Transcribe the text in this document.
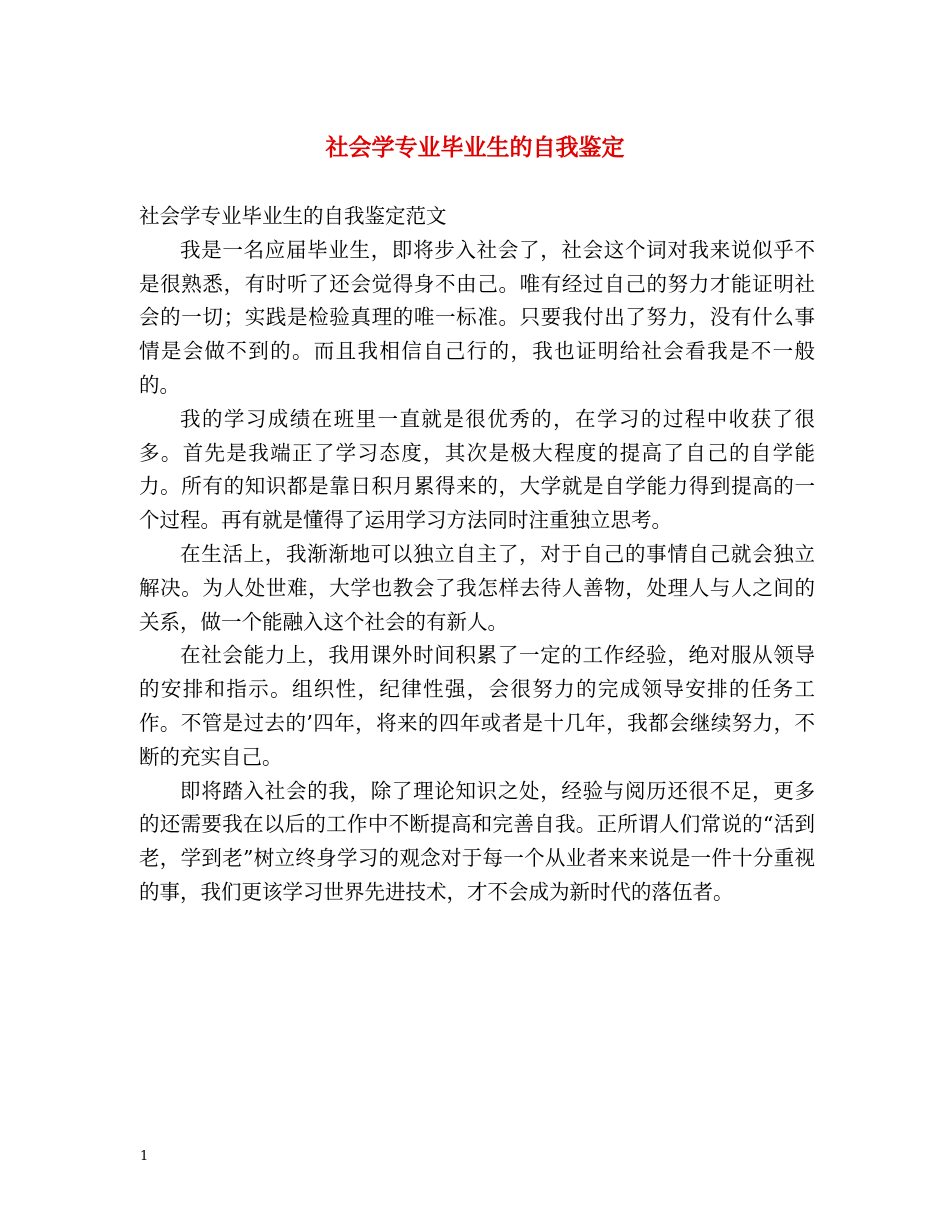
社会学专业毕业生的自我鉴定

社会学专业毕业生的自我鉴定范文

我是一名应届毕业生，即将步入社会了，社会这个词对我来说似乎不是很熟悉，有时听了还会觉得身不由己。唯有经过自己的努力才能证明社会的一切；实践是检验真理的唯一标准。只要我付出了努力，没有什么事情是会做不到的。而且我相信自己行的，我也证明给社会看我是不一般的。

我的学习成绩在班里一直就是很优秀的，在学习的过程中收获了很多。首先是我端正了学习态度，其次是极大程度的提高了自己的自学能力。所有的知识都是靠日积月累得来的，大学就是自学能力得到提高的一个过程。再有就是懂得了运用学习方法同时注重独立思考。

在生活上，我渐渐地可以独立自主了，对于自己的事情自己就会独立解决。为人处世难，大学也教会了我怎样去待人善物，处理人与人之间的关系，做一个能融入这个社会的有新人。

在社会能力上，我用课外时间积累了一定的工作经验，绝对服从领导的安排和指示。组织性，纪律性强，会很努力的完成领导安排的任务工作。不管是过去的’四年，将来的四年或者是十几年，我都会继续努力，不断的充实自己。

即将踏入社会的我，除了理论知识之处，经验与阅历还很不足，更多的还需要我在以后的工作中不断提高和完善自我。正所谓人们常说的“活到老，学到老”树立终身学习的观念对于每一个从业者来来说是一件十分重视的事，我们更该学习世界先进技术，才不会成为新时代的落伍者。

1
